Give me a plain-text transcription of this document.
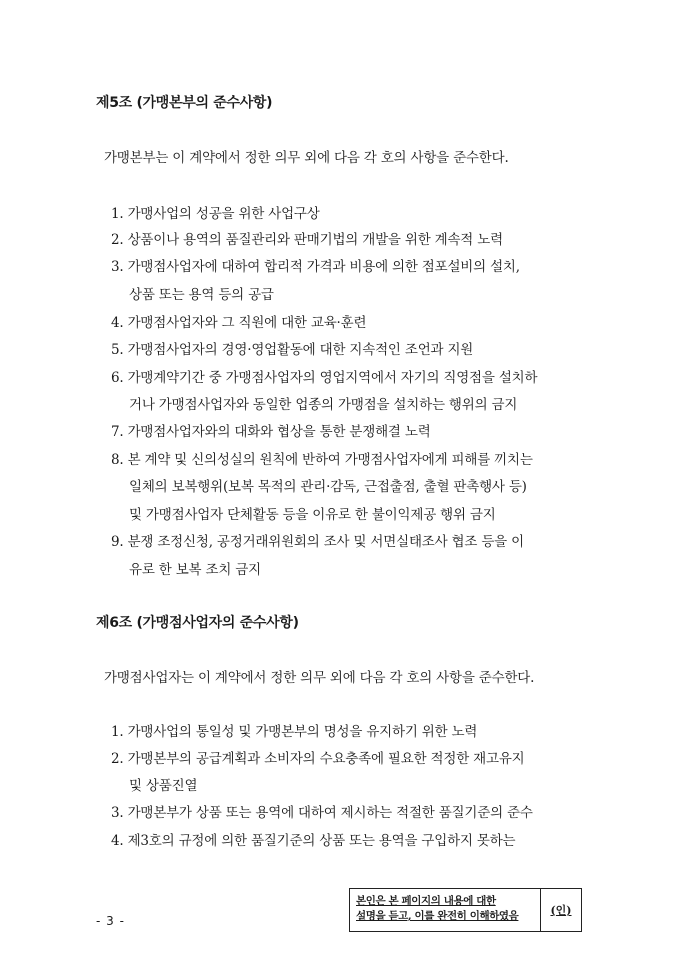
제5조 (가맹본부의 준수사항)
가맹본부는 이 계약에서 정한 의무 외에 다음 각 호의 사항을 준수한다.
1. 가맹사업의 성공을 위한 사업구상
2. 상품이나 용역의 품질관리와 판매기법의 개발을 위한 계속적 노력
3. 가맹점사업자에 대하여 합리적 가격과 비용에 의한 점포설비의 설치,
상품 또는 용역 등의 공급
4. 가맹점사업자와 그 직원에 대한 교육·훈련
5. 가맹점사업자의 경영·영업활동에 대한 지속적인 조언과 지원
6. 가맹계약기간 중 가맹점사업자의 영업지역에서 자기의 직영점을 설치하
거나 가맹점사업자와 동일한 업종의 가맹점을 설치하는 행위의 금지
7. 가맹점사업자와의 대화와 협상을 통한 분쟁해결 노력
8. 본 계약 및 신의성실의 원칙에 반하여 가맹점사업자에게 피해를 끼치는
일체의 보복행위(보복 목적의 관리·감독, 근접출점, 출혈 판촉행사 등)
및 가맹점사업자 단체활동 등을 이유로 한 불이익제공 행위 금지
9. 분쟁 조정신청, 공정거래위원회의 조사 및 서면실태조사 협조 등을 이
유로 한 보복 조치 금지
제6조 (가맹점사업자의 준수사항)
가맹점사업자는 이 계약에서 정한 의무 외에 다음 각 호의 사항을 준수한다.
1. 가맹사업의 통일성 및 가맹본부의 명성을 유지하기 위한 노력
2. 가맹본부의 공급계획과 소비자의 수요충족에 필요한 적정한 재고유지
및 상품진열
3. 가맹본부가 상품 또는 용역에 대하여 제시하는 적절한 품질기준의 준수
4. 제3호의 규정에 의한 품질기준의 상품 또는 용역을 구입하지 못하는
- 3 -
본인은 본 페이지의 내용에 대한
설명을 듣고, 이를 완전히 이해하였음	(인)
